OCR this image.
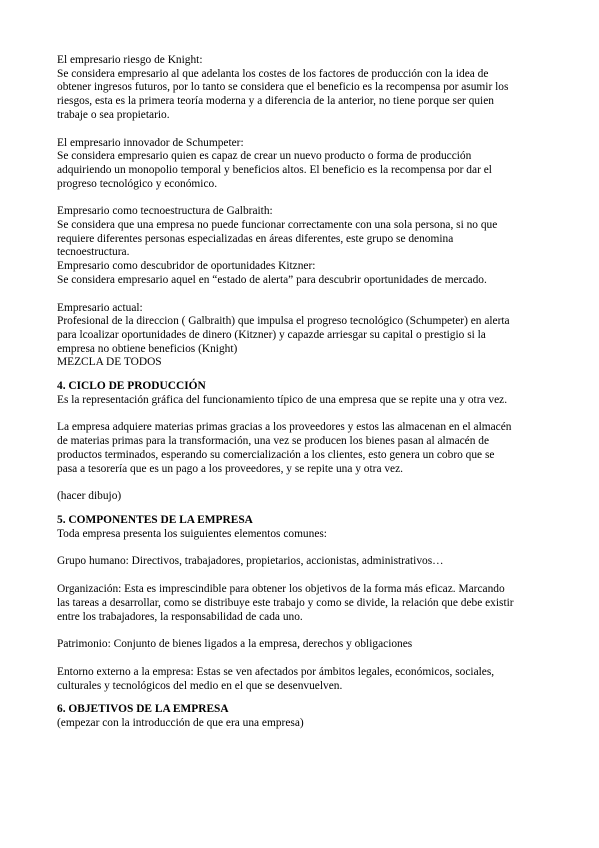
El empresario riesgo de Knight:
Se considera empresario al que adelanta los costes de los factores de producción con la idea de
obtener ingresos futuros, por lo tanto se considera que el beneficio es la recompensa por asumir los
riesgos, esta es la primera teoría moderna y a diferencia de la anterior, no tiene porque ser quien
trabaje o sea propietario.
El empresario innovador de Schumpeter:
Se considera empresario quien es capaz de crear un nuevo producto o forma de producción
adquiriendo un monopolio temporal y beneficios altos. El beneficio es la recompensa por dar el
progreso tecnológico y económico.
Empresario como tecnoestructura de Galbraith:
Se considera que una empresa no puede funcionar correctamente con una sola persona, si no que
requiere diferentes personas especializadas en áreas diferentes, este grupo se denomina
tecnoestructura.
Empresario como descubridor de oportunidades Kitzner:
Se considera empresario aquel en “estado de alerta” para descubrir oportunidades de mercado.
Empresario actual:
Profesional de la direccion ( Galbraith) que impulsa el progreso tecnológico (Schumpeter) en alerta
para lcoalizar oportunidades de dinero (Kitzner) y capazde arriesgar su capital o prestigio si la
empresa no obtiene beneficios (Knight)
MEZCLA DE TODOS
4. CICLO DE PRODUCCIÓN
Es la representación gráfica del funcionamiento típico de una empresa que se repite una y otra vez.
La empresa adquiere materias primas gracias a los proveedores y estos las almacenan en el almacén
de materias primas para la transformación, una vez se producen los bienes pasan al almacén de
productos terminados, esperando su comercialización a los clientes, esto genera un cobro que se
pasa a tesorería que es un pago a los proveedores, y se repite una y otra vez.
(hacer dibujo)
5. COMPONENTES DE LA EMPRESA
Toda empresa presenta los suiguientes elementos comunes:
Grupo humano: Directivos, trabajadores, propietarios, accionistas, administrativos…
Organización: Esta es imprescindible para obtener los objetivos de la forma más eficaz. Marcando
las tareas a desarrollar, como se distribuye este trabajo y como se divide, la relación que debe existir
entre los trabajadores, la responsabilidad de cada uno.
Patrimonio: Conjunto de bienes ligados a la empresa, derechos y obligaciones
Entorno externo a la empresa: Estas se ven afectados por ámbitos legales, económicos, sociales,
culturales y tecnológicos del medio en el que se desenvuelven.
6. OBJETIVOS DE LA EMPRESA
(empezar con la introducción de que era una empresa)
